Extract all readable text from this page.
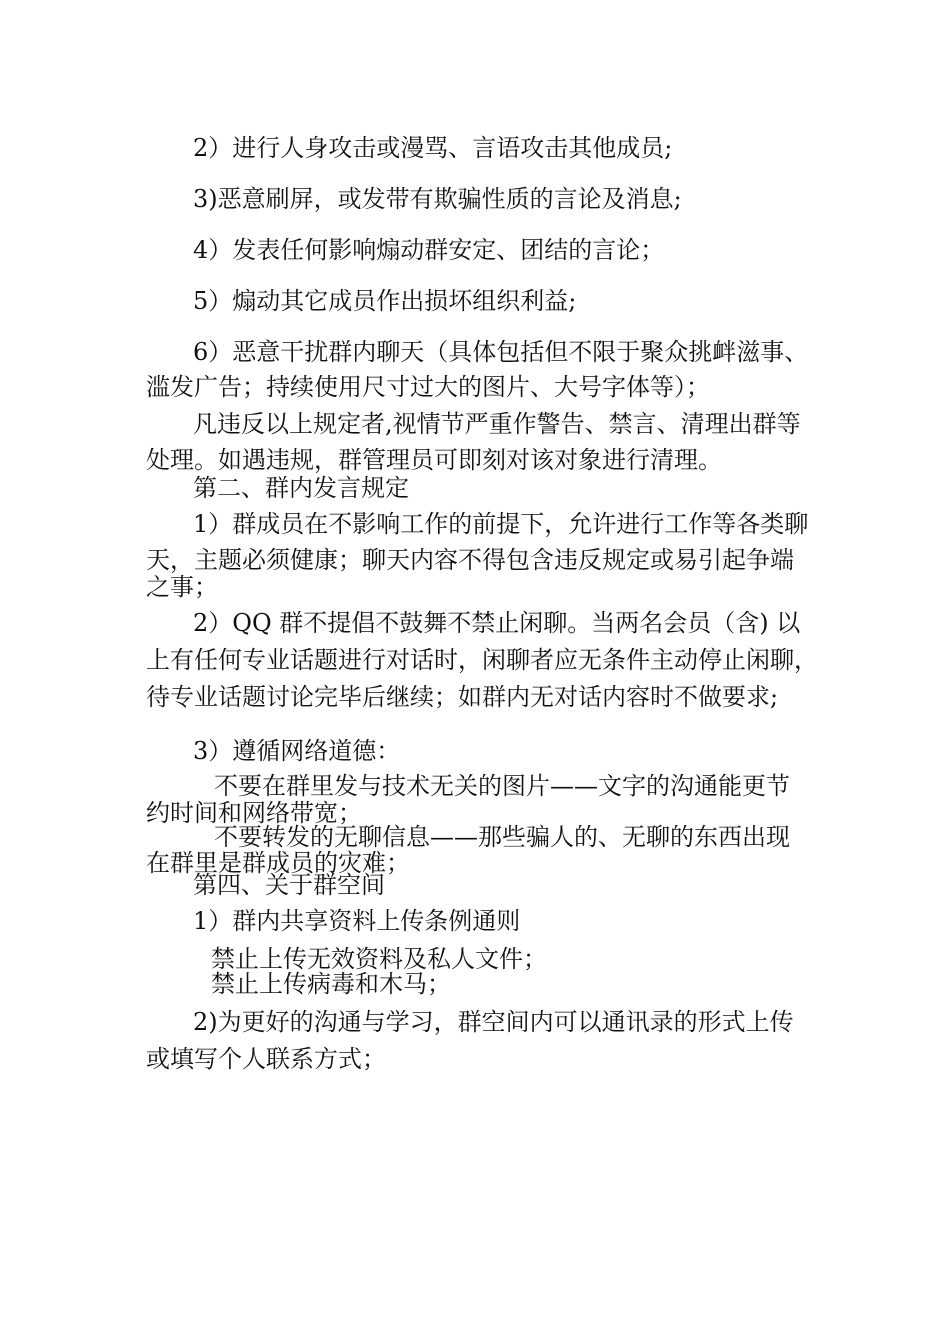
2）进行人身攻击或漫骂、言语攻击其他成员;
3)恶意刷屏，或发带有欺骗性质的言论及消息;
4）发表任何影响煽动群安定、团结的言论；
5）煽动其它成员作出损坏组织利益;
6）恶意干扰群内聊天（具体包括但不限于聚众挑衅滋事、
滥发广告；持续使用尺寸过大的图片、大号字体等）；
凡违反以上规定者,视情节严重作警告、禁言、清理出群等
处理。如遇违规，群管理员可即刻对该对象进行清理。
第二、群内发言规定
1）群成员在不影响工作的前提下，允许进行工作等各类聊
天，主题必须健康；聊天内容不得包含违反规定或易引起争端
之事；
2）QQ 群不提倡不鼓舞不禁止闲聊。当两名会员（含) 以
上有任何专业话题进行对话时，闲聊者应无条件主动停止闲聊，
待专业话题讨论完毕后继续；如群内无对话内容时不做要求;
3）遵循网络道德：
不要在群里发与技术无关的图片——文字的沟通能更节
约时间和网络带宽；
不要转发的无聊信息——那些骗人的、无聊的东西出现
在群里是群成员的灾难；
第四、关于群空间
1）群内共享资料上传条例通则
禁止上传无效资料及私人文件；
禁止上传病毒和木马；
2)为更好的沟通与学习，群空间内可以通讯录的形式上传
或填写个人联系方式；
